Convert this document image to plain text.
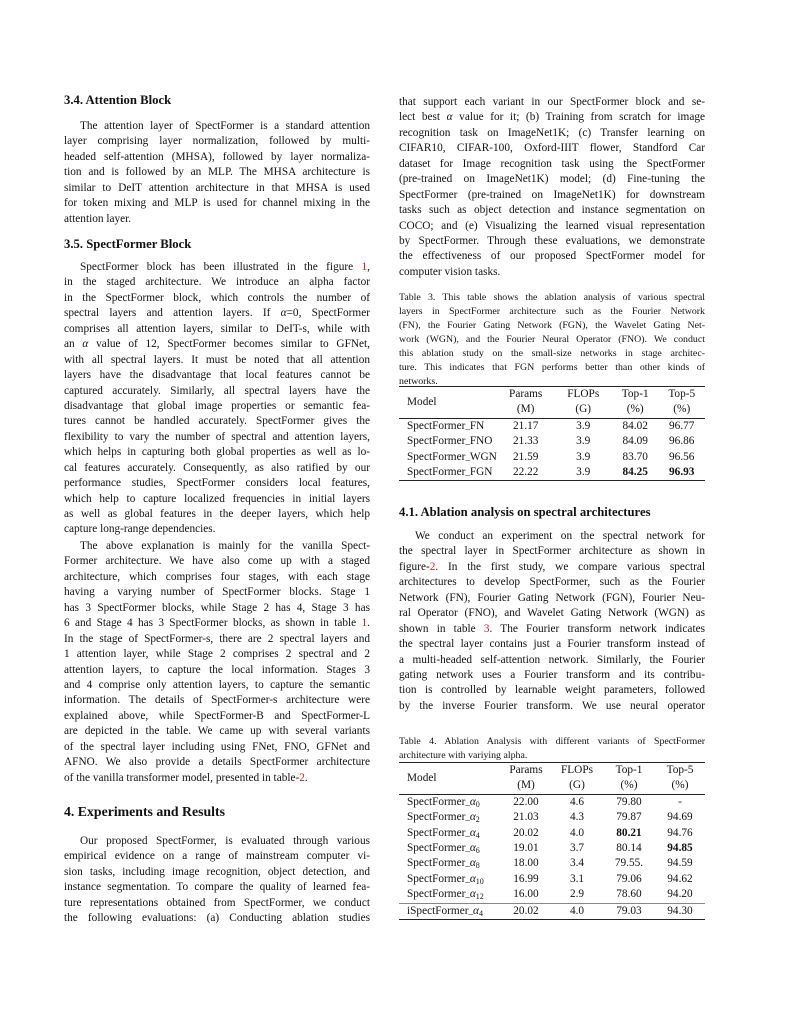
3.4. Attention Block
The attention layer of SpectFormer is a standard attention
layer comprising layer normalization, followed by multi-
headed self-attention (MHSA), followed by layer normaliza-
tion and is followed by an MLP. The MHSA architecture is
similar to DeIT attention architecture in that MHSA is used
for token mixing and MLP is used for channel mixing in the
attention layer.
3.5. SpectFormer Block
SpectFormer block has been illustrated in the figure 1,
in the staged architecture. We introduce an alpha factor
in the SpectFormer block, which controls the number of
spectral layers and attention layers. If α=0, SpectFormer
comprises all attention layers, similar to DeIT-s, while with
an α value of 12, SpectFormer becomes similar to GFNet,
with all spectral layers. It must be noted that all attention
layers have the disadvantage that local features cannot be
captured accurately. Similarly, all spectral layers have the
disadvantage that global image properties or semantic fea-
tures cannot be handled accurately. SpectFormer gives the
flexibility to vary the number of spectral and attention layers,
which helps in capturing both global properties as well as lo-
cal features accurately. Consequently, as also ratified by our
performance studies, SpectFormer considers local features,
which help to capture localized frequencies in initial layers
as well as global features in the deeper layers, which help
capture long-range dependencies.
The above explanation is mainly for the vanilla Spect-
Former architecture. We have also come up with a staged
architecture, which comprises four stages, with each stage
having a varying number of SpectFormer blocks. Stage 1
has 3 SpectFormer blocks, while Stage 2 has 4, Stage 3 has
6 and Stage 4 has 3 SpectFormer blocks, as shown in table 1.
In the stage of SpectFormer-s, there are 2 spectral layers and
1 attention layer, while Stage 2 comprises 2 spectral and 2
attention layers, to capture the local information. Stages 3
and 4 comprise only attention layers, to capture the semantic
information. The details of SpectFormer-s architecture were
explained above, while SpectFormer-B and SpectFormer-L
are depicted in the table. We came up with several variants
of the spectral layer including using FNet, FNO, GFNet and
AFNO. We also provide a details SpectFormer architecture
of the vanilla transformer model, presented in table-2.
4. Experiments and Results
Our proposed SpectFormer, is evaluated through various
empirical evidence on a range of mainstream computer vi-
sion tasks, including image recognition, object detection, and
instance segmentation. To compare the quality of learned fea-
ture representations obtained from SpectFormer, we conduct
the following evaluations: (a) Conducting ablation studies
that support each variant in our SpectFormer block and se-
lect best α value for it; (b) Training from scratch for image
recognition task on ImageNet1K; (c) Transfer learning on
CIFAR10, CIFAR-100, Oxford-IIIT flower, Standford Car
dataset for Image recognition task using the SpectFormer
(pre-trained on ImageNet1K) model; (d) Fine-tuning the
SpectFormer (pre-trained on ImageNet1K) for downstream
tasks such as object detection and instance segmentation on
COCO; and (e) Visualizing the learned visual representation
by SpectFormer. Through these evaluations, we demonstrate
the effectiveness of our proposed SpectFormer model for
computer vision tasks.
Table 3. This table shows the ablation analysis of various spectral
layers in SpectFormer architecture such as the Fourier Network
(FN), the Fourier Gating Network (FGN), the Wavelet Gating Net-
work (WGN), and the Fourier Neural Operator (FNO). We conduct
this ablation study on the small-size networks in stage architec-
ture. This indicates that FGN performs better than other kinds of
networks.
Model	Params	FLOPs	Top-1	Top-5
	(M)	(G)	(%)	(%)
SpectFormer_FN	21.17	3.9	84.02	96.77
SpectFormer_FNO	21.33	3.9	84.09	96.86
SpectFormer_WGN	21.59	3.9	83.70	96.56
SpectFormer_FGN	22.22	3.9	84.25	96.93
4.1. Ablation analysis on spectral architectures
We conduct an experiment on the spectral network for
the spectral layer in SpectFormer architecture as shown in
figure-2. In the first study, we compare various spectral
architectures to develop SpectFormer, such as the Fourier
Network (FN), Fourier Gating Network (FGN), Fourier Neu-
ral Operator (FNO), and Wavelet Gating Network (WGN) as
shown in table 3. The Fourier transform network indicates
the spectral layer contains just a Fourier transform instead of
a multi-headed self-attention network. Similarly, the Fourier
gating network uses a Fourier transform and its contribu-
tion is controlled by learnable weight parameters, followed
by the inverse Fourier transform. We use neural operator
Table 4. Ablation Analysis with different variants of SpectFormer
architecture with variying alpha.
Model	Params	FLOPs	Top-1	Top-5
	(M)	(G)	(%)	(%)
$SpectFormer\_\alpha_0$	22.00	4.6	79.80	-
$SpectFormer\_\alpha_2$	21.03	4.3	79.87	94.69
$SpectFormer\_\alpha_4$	20.02	4.0	80.21	94.76
$SpectFormer\_\alpha_6$	19.01	3.7	80.14	94.85
$SpectFormer\_\alpha_8$	18.00	3.4	79.55.	94.59
$SpectFormer\_\alpha_{10}$	16.99	3.1	79.06	94.62
$SpectFormer\_\alpha_{12}$	16.00	2.9	78.60	94.20
$iSpectFormer\_\alpha_4$	20.02	4.0	79.03	94.30
